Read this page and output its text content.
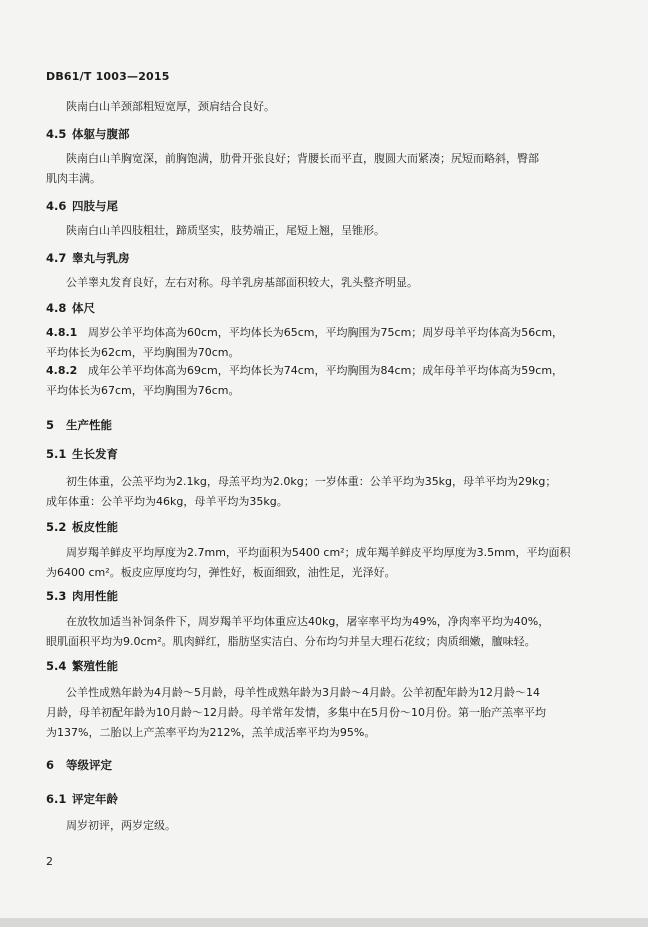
DB61/T 1003—2015
陕南白山羊颈部粗短宽厚，颈肩结合良好。
4.5 体躯与腹部
陕南白山羊胸宽深，前胸饱满，肋骨开张良好；背腰长而平直，腹圆大而紧凑；尻短而略斜，臀部
肌肉丰满。
4.6 四肢与尾
陕南白山羊四肢粗壮，蹄质坚实，肢势端正，尾短上翘，呈锥形。
4.7 睾丸与乳房
公羊睾丸发育良好，左右对称。母羊乳房基部面积较大，乳头整齐明显。
4.8 体尺
4.8.1 周岁公羊平均体高为60cm，平均体长为65cm，平均胸围为75cm；周岁母羊平均体高为56cm，
平均体长为62cm，平均胸围为70cm。
4.8.2 成年公羊平均体高为69cm，平均体长为74cm，平均胸围为84cm；成年母羊平均体高为59cm，
平均体长为67cm，平均胸围为76cm。
5 生产性能
5.1 生长发育
初生体重，公羔平均为2.1kg，母羔平均为2.0kg；一岁体重：公羊平均为35kg，母羊平均为29kg；
成年体重：公羊平均为46kg，母羊平均为35kg。
5.2 板皮性能
周岁羯羊鲜皮平均厚度为2.7mm，平均面积为5400 cm²；成年羯羊鲜皮平均厚度为3.5mm，平均面积
为6400 cm²。板皮应厚度均匀，弹性好，板面细致，油性足，光泽好。
5.3 肉用性能
在放牧加适当补饲条件下，周岁羯羊平均体重应达40kg，屠宰率平均为49%，净肉率平均为40%，
眼肌面积平均为9.0cm²。肌肉鲜红，脂肪坚实洁白、分布均匀并呈大理石花纹；肉质细嫩，膻味轻。
5.4 繁殖性能
公羊性成熟年龄为4月龄～5月龄，母羊性成熟年龄为3月龄～4月龄。公羊初配年龄为12月龄～14
月龄，母羊初配年龄为10月龄～12月龄。母羊常年发情，多集中在5月份～10月份。第一胎产羔率平均
为137%，二胎以上产羔率平均为212%，羔羊成活率平均为95%。
6 等级评定
6.1 评定年龄
周岁初评，两岁定级。
2
